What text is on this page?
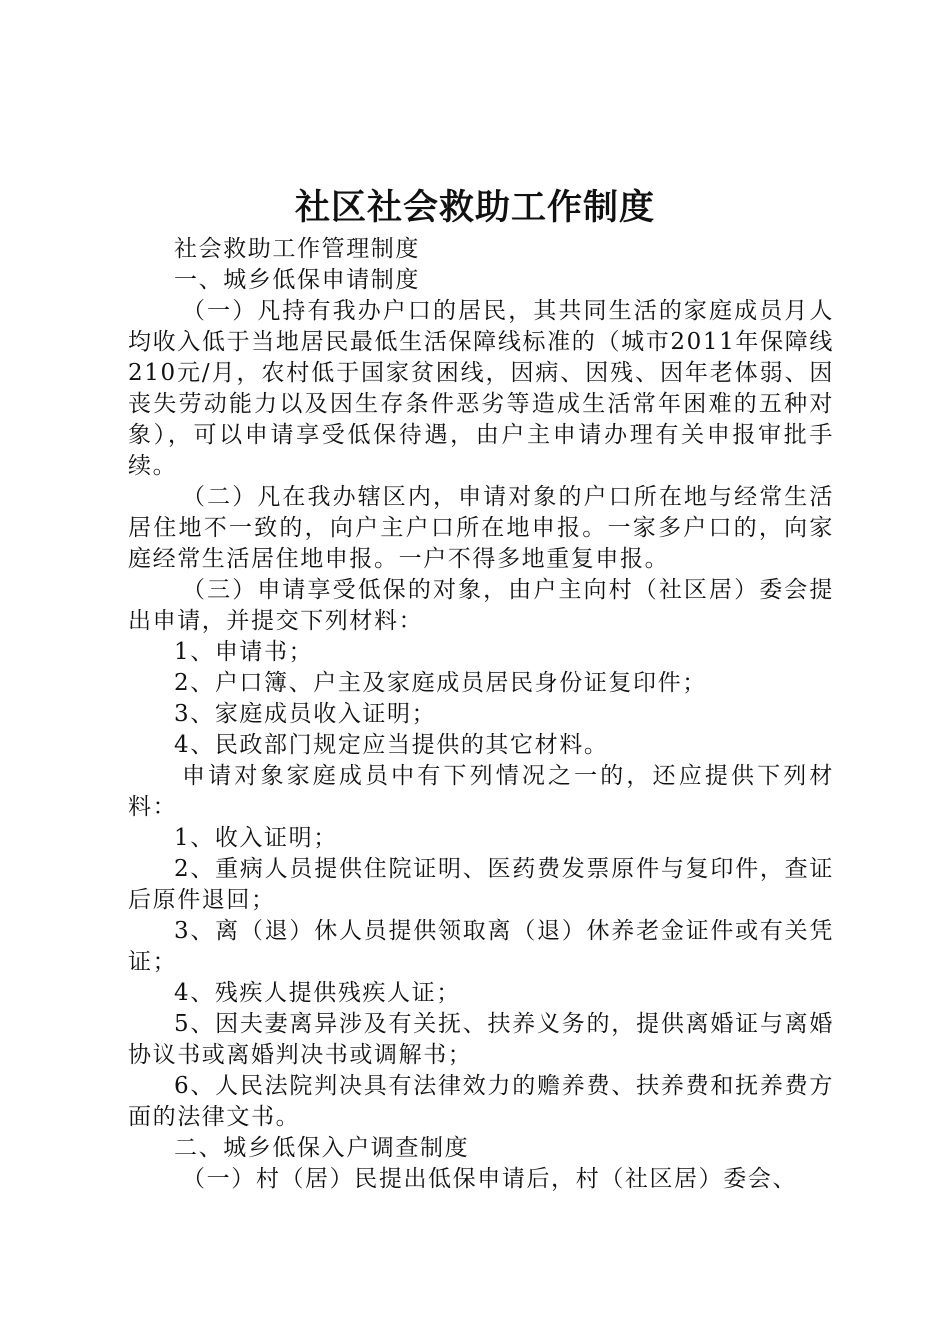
社区社会救助工作制度

社会救助工作管理制度

一、城乡低保申请制度

（一）凡持有我办户口的居民，其共同生活的家庭成员月人均收入低于当地居民最低生活保障线标准的（城市2011年保障线210元/月，农村低于国家贫困线，因病、因残、因年老体弱、因丧失劳动能力以及因生存条件恶劣等造成生活常年困难的五种对象），可以申请享受低保待遇，由户主申请办理有关申报审批手续。

（二）凡在我办辖区内，申请对象的户口所在地与经常生活居住地不一致的，向户主户口所在地申报。一家多户口的，向家庭经常生活居住地申报。一户不得多地重复申报。

（三）申请享受低保的对象，由户主向村（社区居）委会提出申请，并提交下列材料：

1、申请书；

2、户口簿、户主及家庭成员居民身份证复印件；

3、家庭成员收入证明；

4、民政部门规定应当提供的其它材料。

申请对象家庭成员中有下列情况之一的，还应提供下列材料：

1、收入证明；

2、重病人员提供住院证明、医药费发票原件与复印件，查证后原件退回；

3、离（退）休人员提供领取离（退）休养老金证件或有关凭证；

4、残疾人提供残疾人证；

5、因夫妻离异涉及有关抚、扶养义务的，提供离婚证与离婚协议书或离婚判决书或调解书；

6、人民法院判决具有法律效力的赡养费、扶养费和抚养费方面的法律文书。

二、城乡低保入户调查制度

（一）村（居）民提出低保申请后，村（社区居）委会、
